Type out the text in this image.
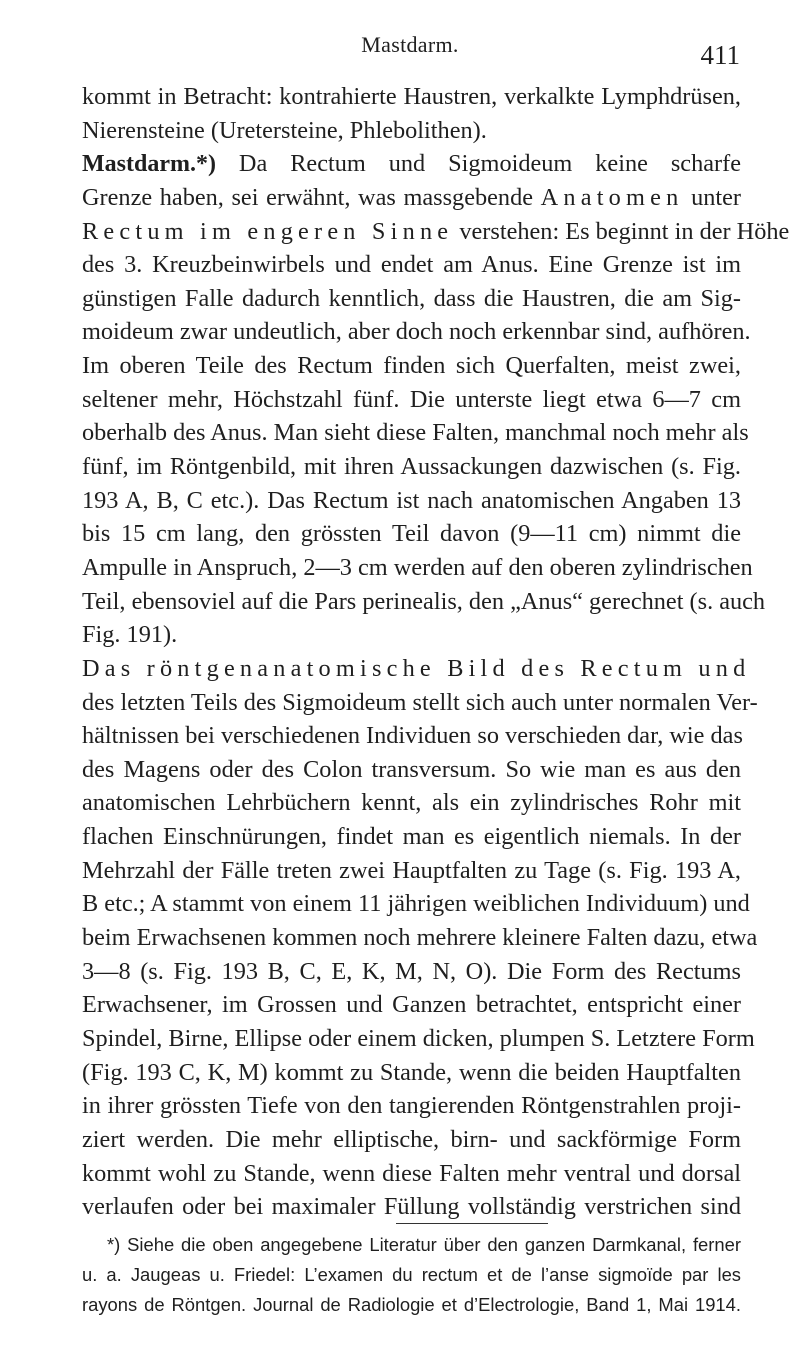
Mastdarm.	411
kommt in Betracht: kontrahierte Haustren, verkalkte Lymphdrüsen,
Nierensteine (Uretersteine, Phlebolithen).
Mastdarm.*) Da Rectum und Sigmoideum keine scharfe
Grenze haben, sei erwähnt, was massgebende Anatomen unter
Rectum im engeren Sinne verstehen: Es beginnt in der Höhe
des 3. Kreuzbeinwirbels und endet am Anus. Eine Grenze ist im
günstigen Falle dadurch kenntlich, dass die Haustren, die am Sig-
moideum zwar undeutlich, aber doch noch erkennbar sind, aufhören.
Im oberen Teile des Rectum finden sich Querfalten, meist zwei,
seltener mehr, Höchstzahl fünf. Die unterste liegt etwa 6—7 cm
oberhalb des Anus. Man sieht diese Falten, manchmal noch mehr als
fünf, im Röntgenbild, mit ihren Aussackungen dazwischen (s. Fig.
193 A, B, C etc.). Das Rectum ist nach anatomischen Angaben 13
bis 15 cm lang, den grössten Teil davon (9—11 cm) nimmt die
Ampulle in Anspruch, 2—3 cm werden auf den oberen zylindrischen
Teil, ebensoviel auf die Pars perinealis, den „Anus“ gerechnet (s. auch
Fig. 191).
Das röntgenanatomische Bild des Rectum und
des letzten Teils des Sigmoideum stellt sich auch unter normalen Ver-
hältnissen bei verschiedenen Individuen so verschieden dar, wie das
des Magens oder des Colon transversum. So wie man es aus den
anatomischen Lehrbüchern kennt, als ein zylindrisches Rohr mit
flachen Einschnürungen, findet man es eigentlich niemals. In der
Mehrzahl der Fälle treten zwei Hauptfalten zu Tage (s. Fig. 193 A,
B etc.; A stammt von einem 11 jährigen weiblichen Individuum) und
beim Erwachsenen kommen noch mehrere kleinere Falten dazu, etwa
3—8 (s. Fig. 193 B, C, E, K, M, N, O). Die Form des Rectums
Erwachsener, im Grossen und Ganzen betrachtet, entspricht einer
Spindel, Birne, Ellipse oder einem dicken, plumpen S. Letztere Form
(Fig. 193 C, K, M) kommt zu Stande, wenn die beiden Hauptfalten
in ihrer grössten Tiefe von den tangierenden Röntgenstrahlen proji-
ziert werden. Die mehr elliptische, birn- und sackförmige Form
kommt wohl zu Stande, wenn diese Falten mehr ventral und dorsal
verlaufen oder bei maximaler Füllung vollständig verstrichen sind
*) Siehe die oben angegebene Literatur über den ganzen Darmkanal, ferner
u. a. Jaugeas u. Friedel: L’examen du rectum et de l’anse sigmoïde par les
rayons de Röntgen. Journal de Radiologie et d’Electrologie, Band 1, Mai 1914.
